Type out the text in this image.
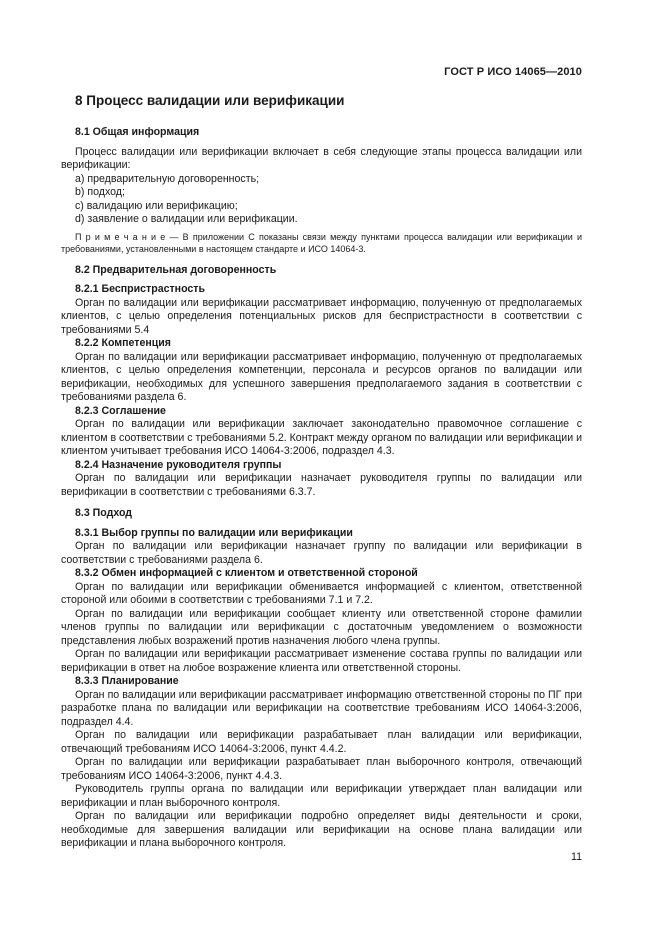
ГОСТ Р ИСО 14065—2010
8 Процесс валидации или верификации
8.1 Общая информация

Процесс валидации или верификации включает в себя следующие этапы процесса валидации или верификации:

a) предварительную договоренность;
b) подход;
c) валидацию или верификацию;
d) заявление о валидации или верификации.

П р и м е ч а н и е — В приложении С показаны связи между пунктами процесса валидации или верификации и требованиями, установленными в настоящем стандарте и ИСО 14064-3.

8.2 Предварительная договоренность
8.2.1 Беспристрастность

Орган по валидации или верификации рассматривает информацию, полученную от предполагаемых клиентов, с целью определения потенциальных рисков для беспристрастности в соответствии с требованиями 5.4

8.2.2 Компетенция

Орган по валидации или верификации рассматривает информацию, полученную от предполагаемых клиентов, с целью определения компетенции, персонала и ресурсов органов по валидации или верификации, необходимых для успешного завершения предполагаемого задания в соответствии с требованиями раздела 6.

8.2.3 Соглашение

Орган по валидации или верификации заключает законодательно правомочное соглашение с клиентом в соответствии с требованиями 5.2. Контракт между органом по валидации или верификации и клиентом учитывает требования ИСО 14064-3:2006, подраздел 4.3.

8.2.4 Назначение руководителя группы

Орган по валидации или верификации назначает руководителя группы по валидации или верификации в соответствии с требованиями 6.3.7.

8.3 Подход
8.3.1 Выбор группы по валидации или верификации

Орган по валидации или верификации назначает группу по валидации или верификации в соответствии с требованиями раздела 6.

8.3.2 Обмен информацией с клиентом и ответственной стороной

Орган по валидации или верификации обменивается информацией с клиентом, ответственной стороной или обоими в соответствии с требованиями 7.1 и 7.2.

Орган по валидации или верификации сообщает клиенту или ответственной стороне фамилии членов группы по валидации или верификации с достаточным уведомлением о возможности представления любых возражений против назначения любого члена группы.

Орган по валидации или верификации рассматривает изменение состава группы по валидации или верификации в ответ на любое возражение клиента или ответственной стороны.

8.3.3 Планирование

Орган по валидации или верификации рассматривает информацию ответственной стороны по ПГ при разработке плана по валидации или верификации на соответствие требованиям ИСО 14064-3:2006, подраздел 4.4.

Орган по валидации или верификации разрабатывает план валидации или верификации, отвечающий требованиям ИСО 14064-3:2006, пункт 4.4.2.

Орган по валидации или верификации разрабатывает план выборочного контроля, отвечающий требованиям ИСО 14064-3:2006, пункт 4.4.3.

Руководитель группы органа по валидации или верификации утверждает план валидации или верификации и план выборочного контроля.

Орган по валидации или верификации подробно определяет виды деятельности и сроки, необходимые для завершения валидации или верификации на основе плана валидации или верификации и плана выборочного контроля.

11
